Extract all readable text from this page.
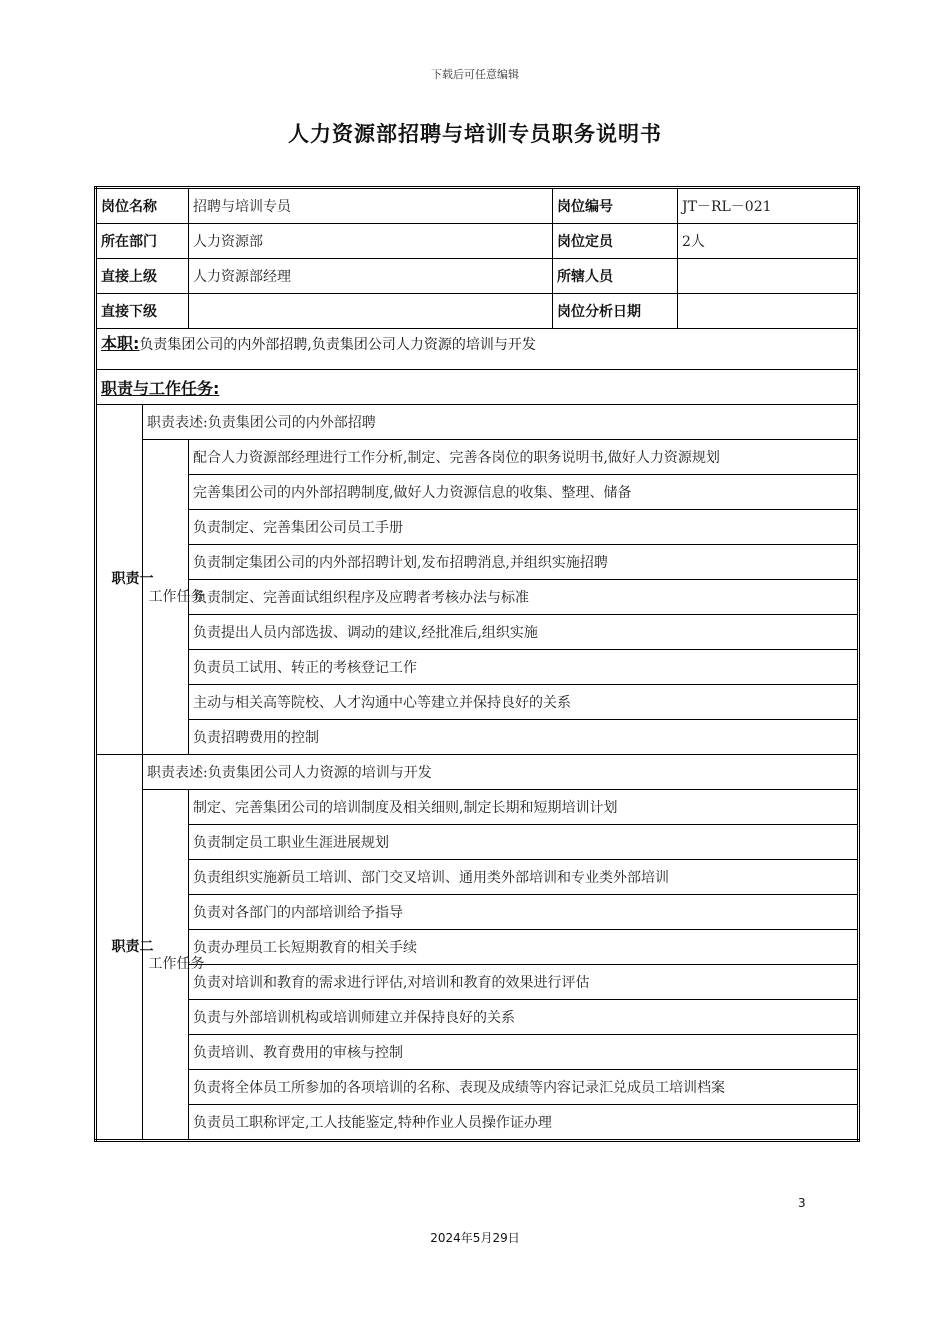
下载后可任意编辑
人力资源部招聘与培训专员职务说明书
岗位名称		招聘与培训专员	岗位编号	JT－RL－021
所在部门		人力资源部	岗位定员	2人
直接上级		人力资源部经理	所辖人员	
直接下级			岗位分析日期	
本职:负责集团公司的内外部招聘,负责集团公司人力资源的培训与开发				
职责与工作任务:				

职责一	职责表述:负责集团公司的内外部招聘			

	工作任务	配合人力资源部经理进行工作分析,制定、完善各岗位的职务说明书,做好人力资源规划		
		完善集团公司的内外部招聘制度,做好人力资源信息的收集、整理、储备		
		负责制定、完善集团公司员工手册		
		负责制定集团公司的内外部招聘计划,发布招聘消息,并组织实施招聘		
		负责制定、完善面试组织程序及应聘者考核办法与标准		
		负责提出人员内部选拔、调动的建议,经批准后,组织实施		
		负责员工试用、转正的考核登记工作		
		主动与相关高等院校、人才沟通中心等建立并保持良好的关系		
		负责招聘费用的控制		

职责二	职责表述:负责集团公司人力资源的培训与开发			

	工作任务	制定、完善集团公司的培训制度及相关细则,制定长期和短期培训计划		
		负责制定员工职业生涯进展规划		
		负责组织实施新员工培训、部门交叉培训、通用类外部培训和专业类外部培训		
		负责对各部门的内部培训给予指导		
		负责办理员工长短期教育的相关手续		
		负责对培训和教育的需求进行评估,对培训和教育的效果进行评估		
		负责与外部培训机构或培训师建立并保持良好的关系		
		负责培训、教育费用的审核与控制		
		负责将全体员工所参加的各项培训的名称、表现及成绩等内容记录汇兑成员工培训档案		
		负责员工职称评定,工人技能鉴定,特种作业人员操作证办理		
3
2024年5月29日
